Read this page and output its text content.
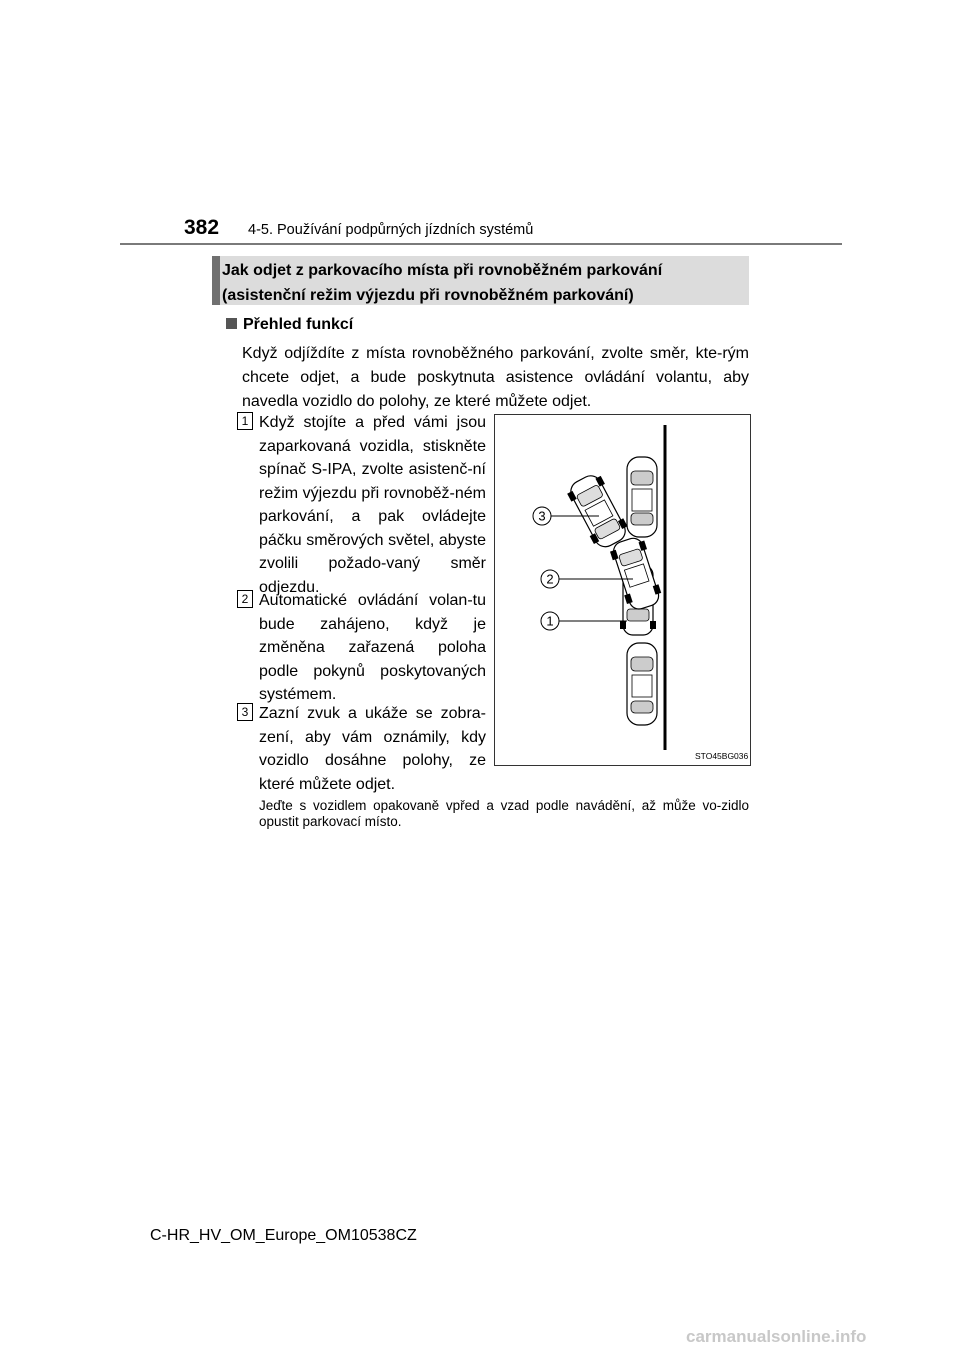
382 4-5. Používání podpůrných jízdních systémů
Jak odjet z parkovacího místa při rovnoběžném parkování
(asistenční režim výjezdu při rovnoběžném parkování)
Přehled funkcí
Když odjíždíte z místa rovnoběžného parkování, zvolte směr, kte-rým chcete odjet, a bude poskytnuta asistence ovládání volantu, aby navedla vozidlo do polohy, ze které můžete odjet.
1 Když stojíte a před vámi jsou zaparkovaná vozidla, stiskněte spínač S-IPA, zvolte asistenč-ní režim výjezdu při rovnoběž-ném parkování, a pak ovládejte páčku směrových světel, abyste zvolili požado-vaný směr odjezdu.
2 Automatické ovládání volan-tu bude zahájeno, když je změněna zařazená poloha podle pokynů poskytovaných systémem.
3 Zazní zvuk a ukáže se zobra-zení, aby vám oznámily, kdy vozidlo dosáhne polohy, ze které můžete odjet.
3
2
1
STO45BG036
Jeďte s vozidlem opakovaně vpřed a vzad podle navádění, až může vo-zidlo opustit parkovací místo.
C-HR_HV_OM_Europe_OM10538CZ
carmanualsonline.info
